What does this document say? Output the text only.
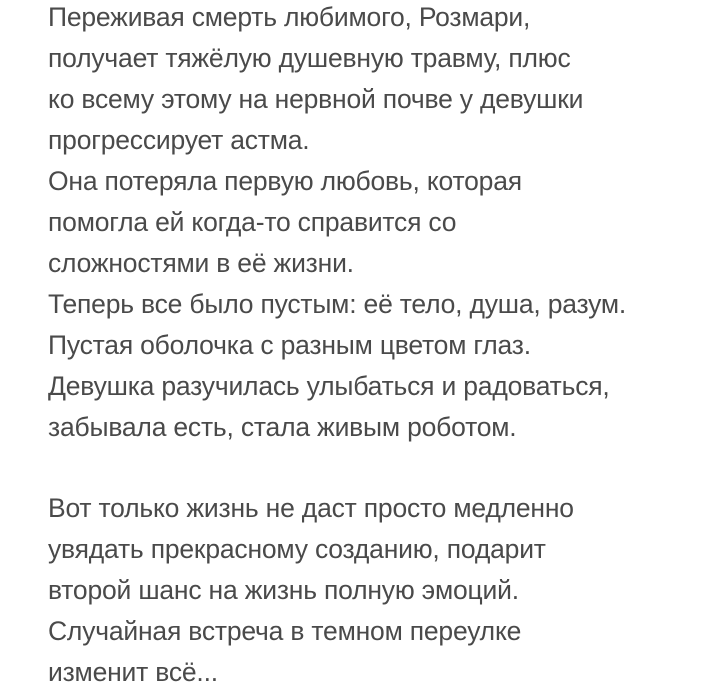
Переживая смерть любимого, Розмари,
получает тяжёлую душевную травму, плюс
ко всему этому на нервной почве у девушки
прогрессирует астма.
Она потеряла первую любовь, которая
помогла ей когда-то справится со
сложностями в её жизни.
Теперь все было пустым: её тело, душа, разум.
Пустая оболочка с разным цветом глаз.
Девушка разучилась улыбаться и радоваться,
забывала есть, стала живым роботом.
Вот только жизнь не даст просто медленно
увядать прекрасному созданию, подарит
второй шанс на жизнь полную эмоций.
Случайная встреча в темном переулке
изменит всё...
